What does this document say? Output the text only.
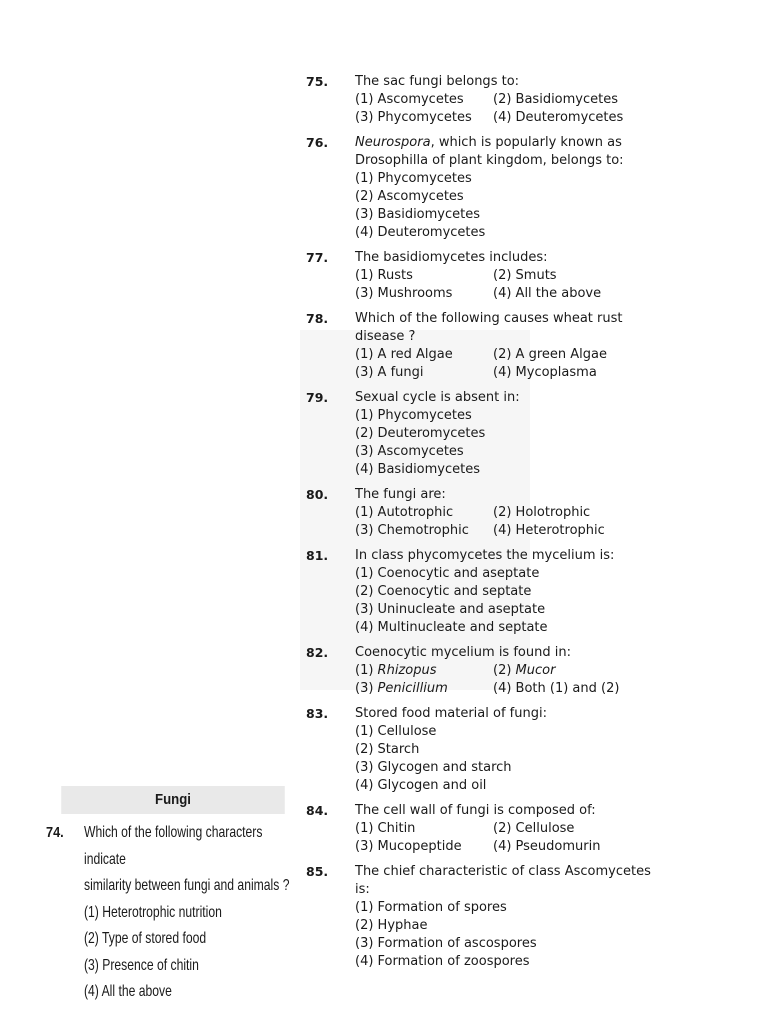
75. The sac fungi belongs to:
(1) Ascomycetes	(2) Basidiomycetes
(3) Phycomycetes	(4) Deuteromycetes
76. Neurospora, which is popularly known as
Drosophilla of plant kingdom, belongs to:
(1) Phycomycetes
(2) Ascomycetes
(3) Basidiomycetes
(4) Deuteromycetes
77. The basidiomycetes includes:
(1) Rusts	(2) Smuts
(3) Mushrooms	(4) All the above
78. Which of the following causes wheat rust
disease ?
(1) A red Algae	(2) A green Algae
(3) A fungi	(4) Mycoplasma
79. Sexual cycle is absent in:
(1) Phycomycetes
(2) Deuteromycetes
(3) Ascomycetes
(4) Basidiomycetes
80. The fungi are:
(1) Autotrophic	(2) Holotrophic
(3) Chemotrophic	(4) Heterotrophic
81. In class phycomycetes the mycelium is:
(1) Coenocytic and aseptate
(2) Coenocytic and septate
(3) Uninucleate and aseptate
(4) Multinucleate and septate
82. Coenocytic mycelium is found in:
(1) Rhizopus	(2) Mucor
(3) Penicillium	(4) Both (1) and (2)
83. Stored food material of fungi:
(1) Cellulose
(2) Starch
(3) Glycogen and starch
(4) Glycogen and oil
84. The cell wall of fungi is composed of:
(1) Chitin	(2) Cellulose
(3) Mucopeptide	(4) Pseudomurin
85. The chief characteristic of class Ascomycetes
is:
(1) Formation of spores
(2) Hyphae
(3) Formation of ascospores
(4) Formation of zoospores
Fungi
74. Which of the following characters indicate
similarity between fungi and animals ?
(1) Heterotrophic nutrition
(2) Type of stored food
(3) Presence of chitin
(4) All the above
